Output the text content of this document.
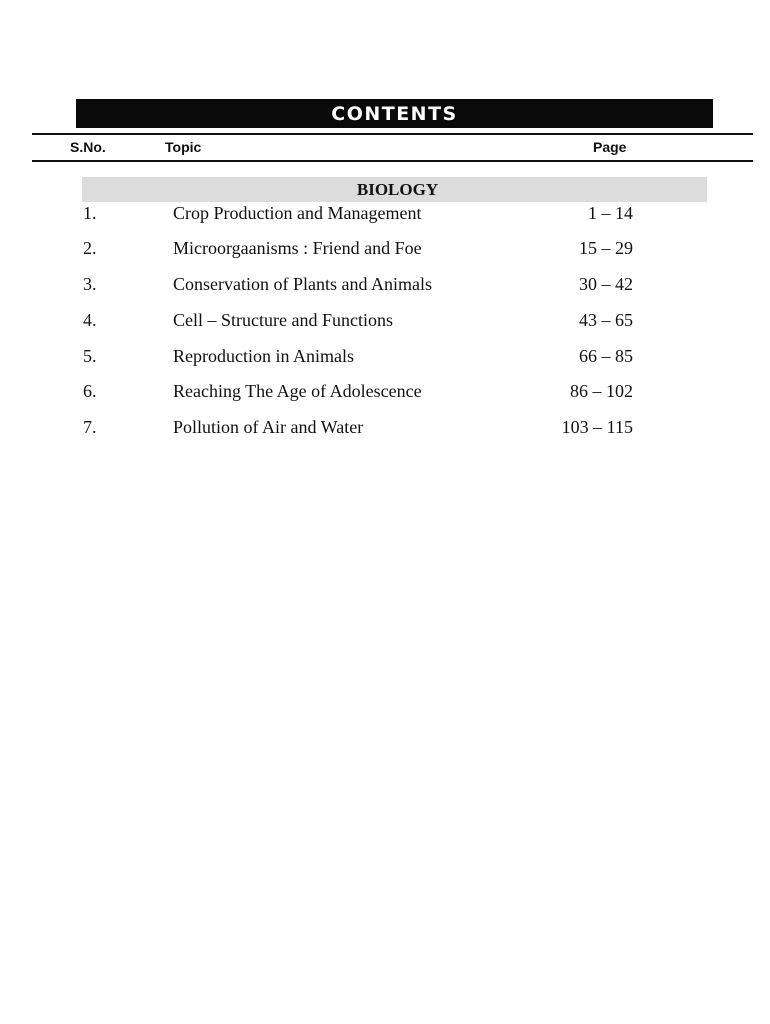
CONTENTS
S.No.	Topic	Page
BIOLOGY
1.	Crop Production and Management	1 – 14
2.	Microorgaanisms : Friend and Foe	15 – 29
3.	Conservation of Plants and Animals	30 – 42
4.	Cell – Structure and Functions	43 – 65
5.	Reproduction in Animals	66 – 85
6.	Reaching The Age of Adolescence	86 – 102
7.	Pollution of Air and Water	103 – 115
